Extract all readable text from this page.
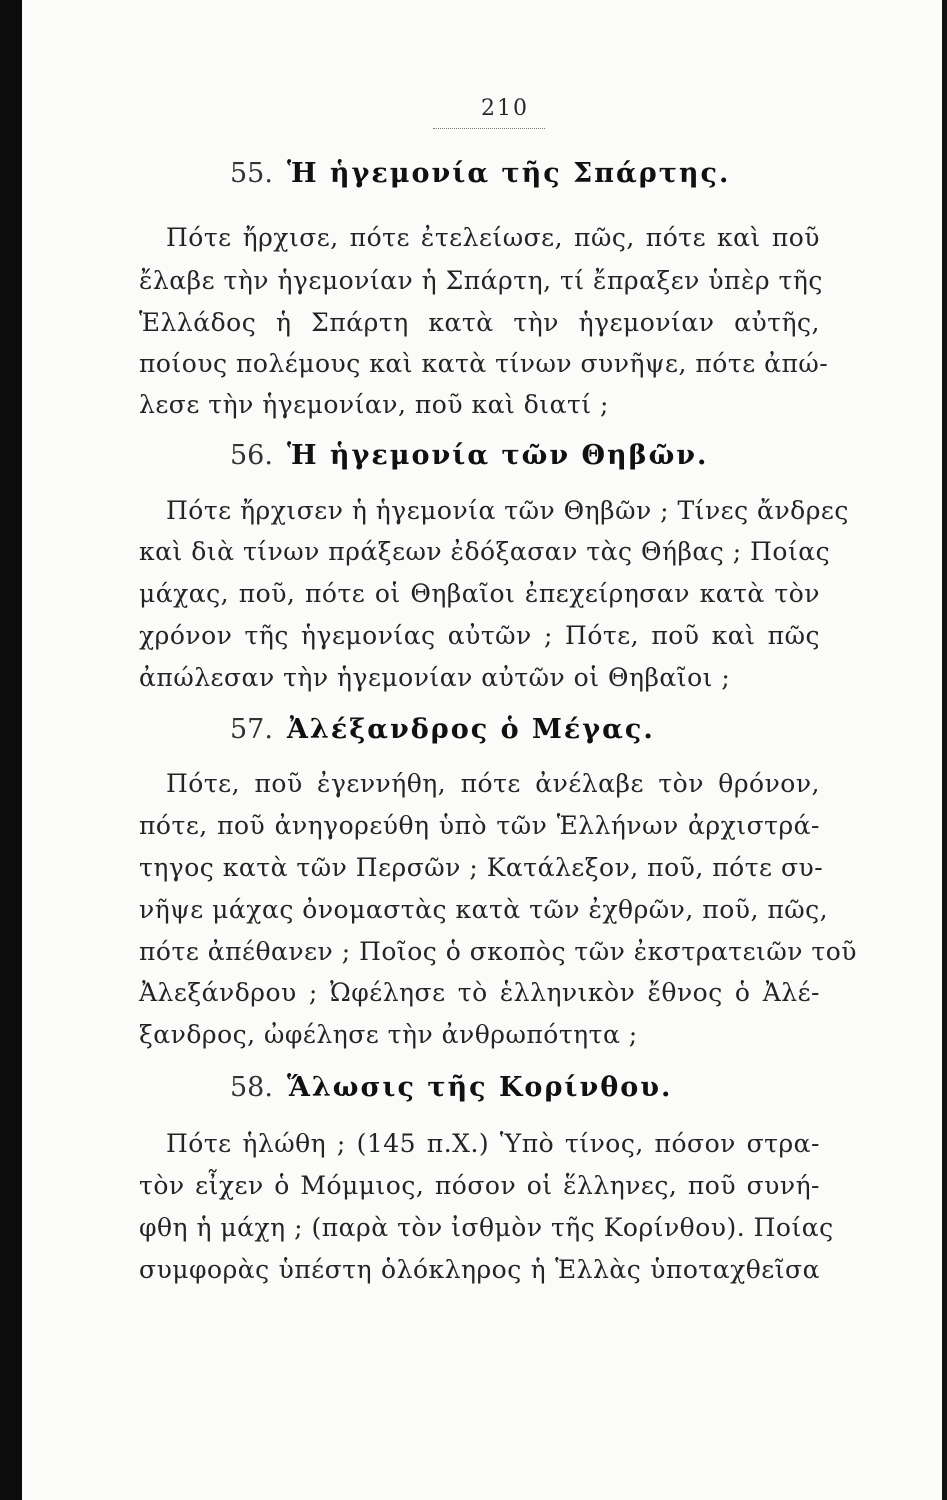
210
55. Ἡ ἡγεμονία τῆς Σπάρτης.
Πότε ἤρχισε, πότε ἐτελείωσε, πῶς, πότε καὶ ποῦ
ἔλαβε τὴν ἡγεμονίαν ἡ Σπάρτη, τί ἔπραξεν ὑπὲρ τῆς
Ἑλλάδος ἡ Σπάρτη κατὰ τὴν ἡγεμονίαν αὐτῆς,
ποίους πολέμους καὶ κατὰ τίνων συνῆψε, πότε ἀπώ-
λεσε τὴν ἡγεμονίαν, ποῦ καὶ διατί ;
56. Ἡ ἡγεμονία τῶν Θηβῶν.
Πότε ἤρχισεν ἡ ἡγεμονία τῶν Θηβῶν ; Τίνες ἄνδρες
καὶ διὰ τίνων πράξεων ἐδόξασαν τὰς Θήβας ; Ποίας
μάχας, ποῦ, πότε οἱ Θηβαῖοι ἐπεχείρησαν κατὰ τὸν
χρόνον τῆς ἡγεμονίας αὐτῶν ; Πότε, ποῦ καὶ πῶς
ἀπώλεσαν τὴν ἡγεμονίαν αὐτῶν οἱ Θηβαῖοι ;
57. Ἀλέξανδρος ὁ Μέγας.
Πότε, ποῦ ἐγεννήθη, πότε ἀνέλαβε τὸν θρόνον,
πότε, ποῦ ἀνηγορεύθη ὑπὸ τῶν Ἑλλήνων ἀρχιστρά-
τηγος κατὰ τῶν Περσῶν ; Κατάλεξον, ποῦ, πότε συ-
νῆψε μάχας ὀνομαστὰς κατὰ τῶν ἐχθρῶν, ποῦ, πῶς,
πότε ἀπέθανεν ; Ποῖος ὁ σκοπὸς τῶν ἐκστρατειῶν τοῦ
Ἀλεξάνδρου ; Ὠφέλησε τὸ ἑλληνικὸν ἔθνος ὁ Ἀλέ-
ξανδρος, ὠφέλησε τὴν ἀνθρωπότητα ;
58. Ἅλωσις τῆς Κορίνθου.
Πότε ἡλώθη ; (145 π.Χ.) Ὑπὸ τίνος, πόσον στρα-
τὸν εἶχεν ὁ Μόμμιος, πόσον οἱ ἕλληνες, ποῦ συνή-
φθη ἡ μάχη ; (παρὰ τὸν ἰσθμὸν τῆς Κορίνθου). Ποίας
συμφορὰς ὑπέστη ὁλόκληρος ἡ Ἑλλὰς ὑποταχθεῖσα
